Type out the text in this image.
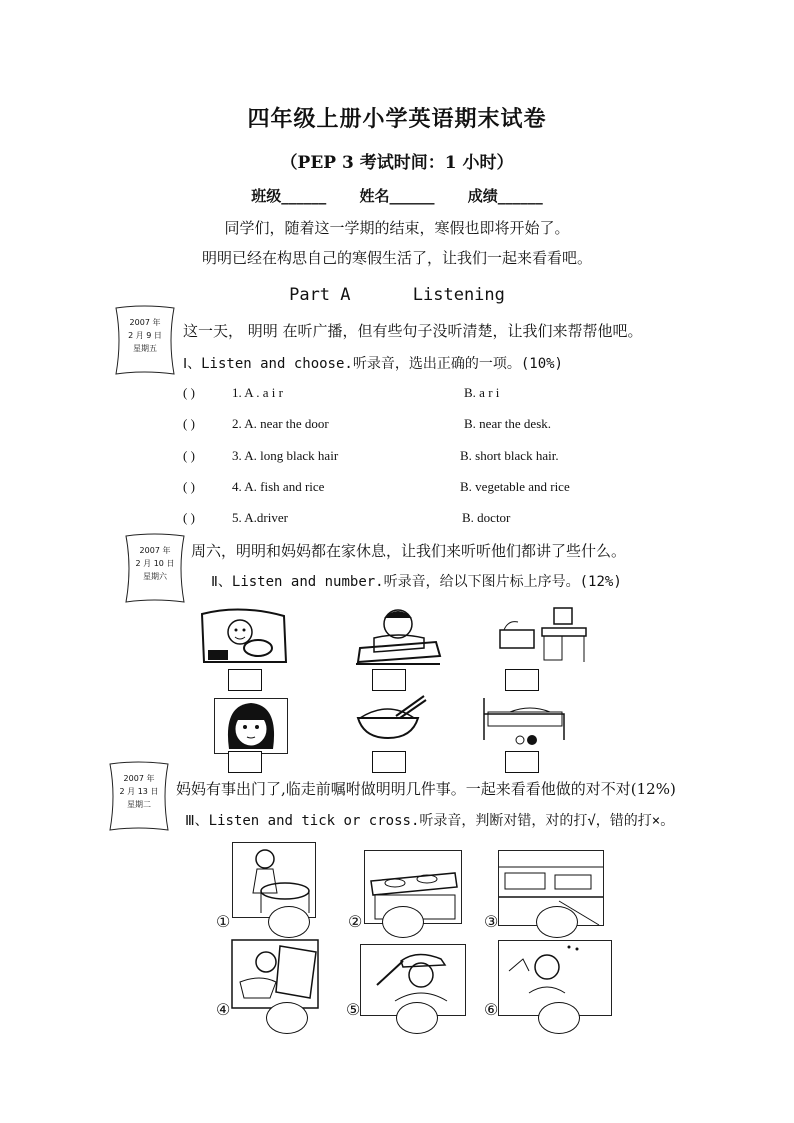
四年级上册小学英语期末试卷
（PEP 3 考试时间：1 小时）
班级______ 姓名______ 成绩______
同学们，随着这一学期的结束，寒假也即将开始了。
明明已经在构思自己的寒假生活了，让我们一起来看看吧。
Part A	Listening
2007 年
2 月 9 日
星期五
这一天， 明明 在听广播，但有些句子没听清楚，让我们来帮帮他吧。
Ⅰ、Listen and choose.听录音，选出正确的一项。(10%)
( )	1. A . a i r	B. a r i
( )	2. A. near the door	B. near the desk.
( )	3. A. long black hair	B. short black hair.
( )	4. A. fish and rice	B. vegetable and rice
( )	5. A.driver	B. doctor
2007 年
2 月 10 日
星期六
周六，明明和妈妈都在家休息，让我们来听听他们都讲了些什么。
Ⅱ、Listen and number.听录音，给以下图片标上序号。(12%)
2007 年
2 月 13 日
星期二
妈妈有事出门了,临走前嘱咐做明明几件事。一起来看看他做的对不对(12%)
Ⅲ、Listen and tick or cross.听录音，判断对错，对的打√，错的打×。
①	②	③
④	⑤	⑥
